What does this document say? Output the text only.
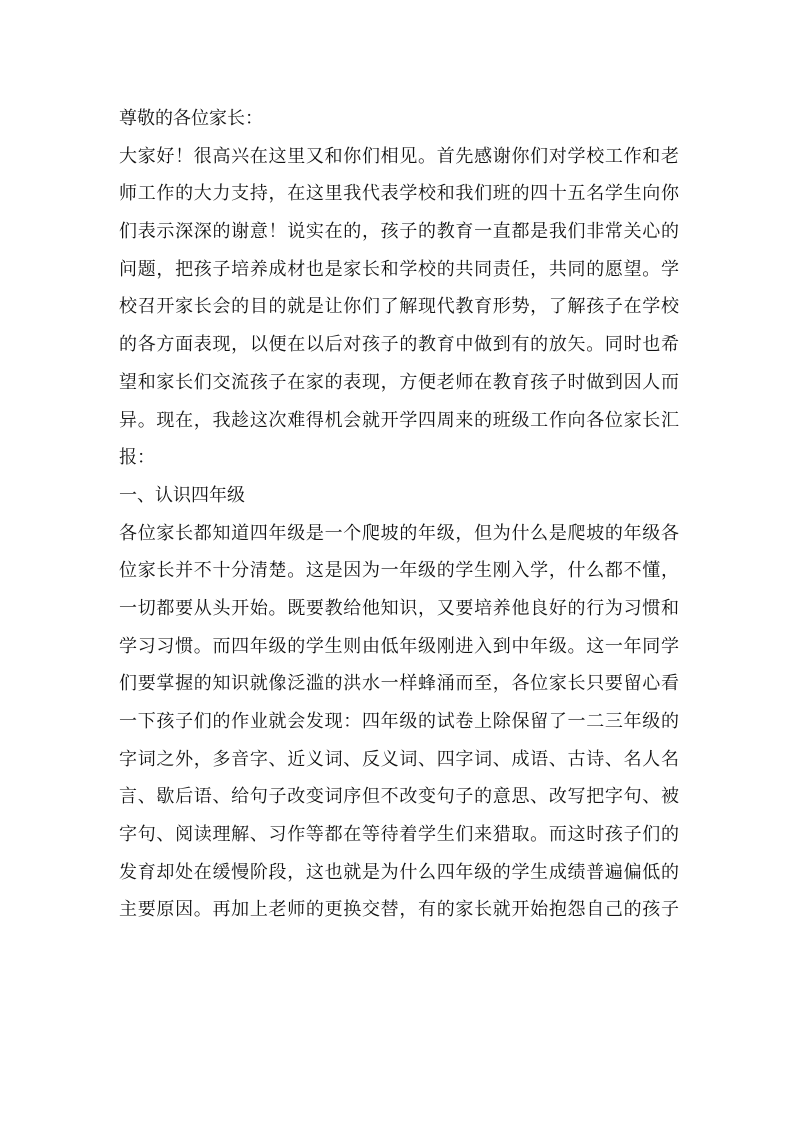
尊敬的各位家长：
大家好！很高兴在这里又和你们相见。首先感谢你们对学校工作和老
师工作的大力支持，在这里我代表学校和我们班的四十五名学生向你
们表示深深的谢意！说实在的，孩子的教育一直都是我们非常关心的
问题，把孩子培养成材也是家长和学校的共同责任，共同的愿望。学
校召开家长会的目的就是让你们了解现代教育形势，了解孩子在学校
的各方面表现，以便在以后对孩子的教育中做到有的放矢。同时也希
望和家长们交流孩子在家的表现，方便老师在教育孩子时做到因人而
异。现在，我趁这次难得机会就开学四周来的班级工作向各位家长汇
报：
一、认识四年级
各位家长都知道四年级是一个爬坡的年级，但为什么是爬坡的年级各
位家长并不十分清楚。这是因为一年级的学生刚入学，什么都不懂，
一切都要从头开始。既要教给他知识，又要培养他良好的行为习惯和
学习习惯。而四年级的学生则由低年级刚进入到中年级。这一年同学
们要掌握的知识就像泛滥的洪水一样蜂涌而至，各位家长只要留心看
一下孩子们的作业就会发现：四年级的试卷上除保留了一二三年级的
字词之外，多音字、近义词、反义词、四字词、成语、古诗、名人名
言、歇后语、给句子改变词序但不改变句子的意思、改写把字句、被
字句、阅读理解、习作等都在等待着学生们来猎取。而这时孩子们的
发育却处在缓慢阶段，这也就是为什么四年级的学生成绩普遍偏低的
主要原因。再加上老师的更换交替，有的家长就开始抱怨自己的孩子
